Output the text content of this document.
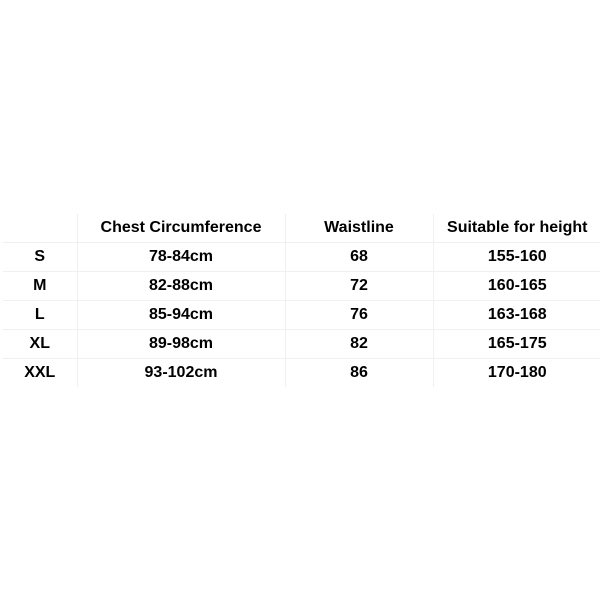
	Chest Circumference	Waistline	Suitable for height
S	78-84cm	68	155-160
M	82-88cm	72	160-165
L	85-94cm	76	163-168
XL	89-98cm	82	165-175
XXL	93-102cm	86	170-180
